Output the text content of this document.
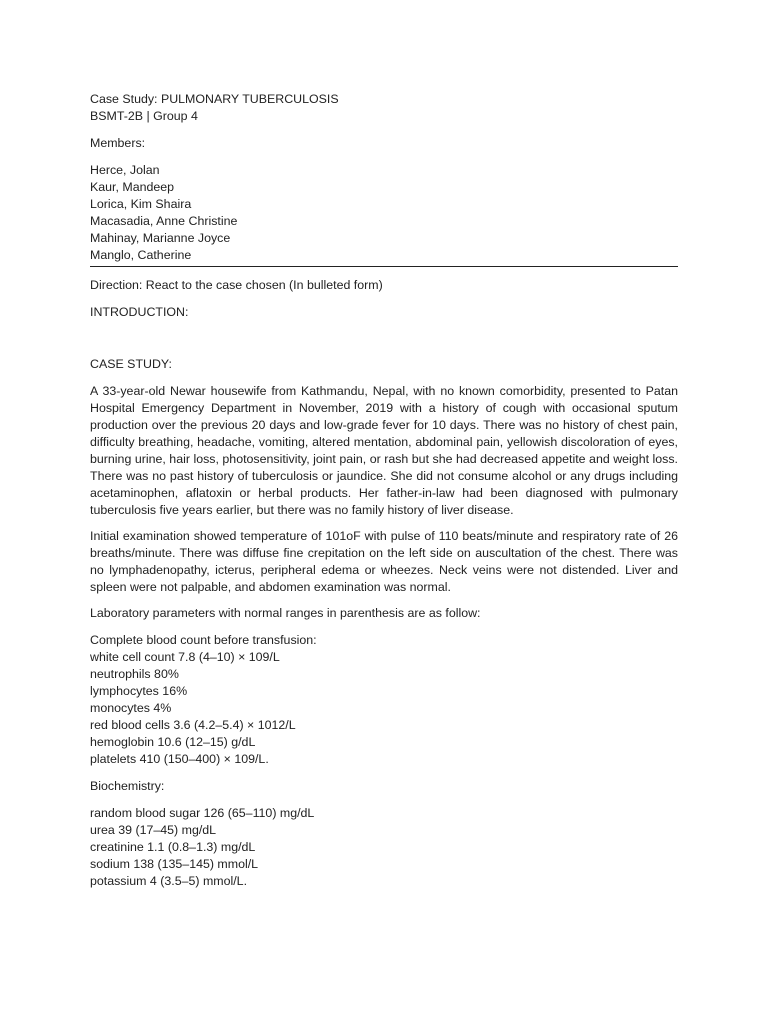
Case Study: PULMONARY TUBERCULOSIS
BSMT-2B | Group 4
Members:
Herce, Jolan
Kaur, Mandeep
Lorica, Kim Shaira
Macasadia, Anne Christine
Mahinay, Marianne Joyce
Manglo, Catherine
Direction: React to the case chosen (In bulleted form)
INTRODUCTION:
CASE STUDY:

A 33-year-old Newar housewife from Kathmandu, Nepal, with no known comorbidity, presented to Patan Hospital Emergency Department in November, 2019 with a history of cough with occasional sputum production over the previous 20 days and low-grade fever for 10 days. There was no history of chest pain, difficulty breathing, headache, vomiting, altered mentation, abdominal pain, yellowish discoloration of eyes, burning urine, hair loss, photosensitivity, joint pain, or rash but she had decreased appetite and weight loss. There was no past history of tuberculosis or jaundice. She did not consume alcohol or any drugs including acetaminophen, aflatoxin or herbal products. Her father-in-law had been diagnosed with pulmonary tuberculosis five years earlier, but there was no family history of liver disease.

Initial examination showed temperature of 101oF with pulse of 110 beats/minute and respiratory rate of 26 breaths/minute. There was diffuse fine crepitation on the left side on auscultation of the chest. There was no lymphadenopathy, icterus, peripheral edema or wheezes. Neck veins were not distended. Liver and spleen were not palpable, and abdomen examination was normal.

Laboratory parameters with normal ranges in parenthesis are as follow:
Complete blood count before transfusion:
white cell count 7.8 (4–10) × 109/L
neutrophils 80%
lymphocytes 16%
monocytes 4%
red blood cells 3.6 (4.2–5.4) × 1012/L
hemoglobin 10.6 (12–15) g/dL
platelets 410 (150–400) × 109/L.
Biochemistry:
random blood sugar 126 (65–110) mg/dL
urea 39 (17–45) mg/dL
creatinine 1.1 (0.8–1.3) mg/dL
sodium 138 (135–145) mmol/L
potassium 4 (3.5–5) mmol/L.
